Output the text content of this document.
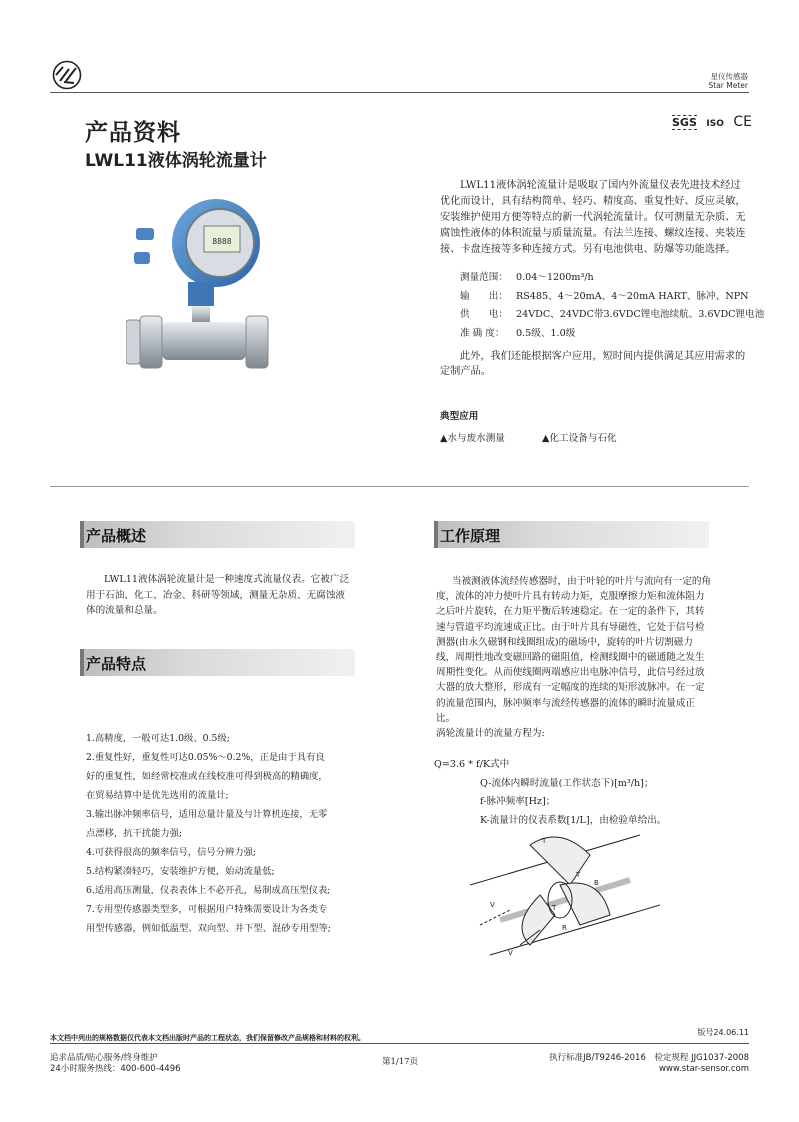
星仪传感器
Star Meter
产品资料
LWL11液体涡轮流量计
SGS ISO CE
8888
LWL11液体涡轮流量计是吸取了国内外流量仪表先进技术经过优化而设计，具有结构简单、轻巧、精度高、重复性好、反应灵敏，安装维护使用方便等特点的新一代涡轮流量计。仅可测量无杂质、无腐蚀性液体的体积流量与质量流量。有法兰连接、螺纹连接、夹装连接、卡盘连接等多种连接方式。另有电池供电、防爆等功能选择。
测量范围： 0.04～1200m³/h
输　　出： RS485、4～20mA、4～20mA HART、脉冲、NPN
供　　电： 24VDC、24VDC带3.6VDC锂电池续航、3.6VDC锂电池
准 确 度： 0.5级、1.0级
此外，我们还能根据客户应用，短时间内提供满足其应用需求的定制产品。
典型应用
▲水与废水测量	▲化工设备与石化
产品概述
LWL11液体涡轮流量计是一种速度式流量仪表。它被广泛用于石油、化工、冶金、科研等领域，测量无杂质、无腐蚀液体的流量和总量。
产品特点
1.高精度，一般可达1.0级、0.5级;
2.重复性好，重复性可达0.05%～0.2%，正是由于具有良
好的重复性，如经常校准或在线校准可得到极高的精确度，
在贸易结算中是优先选用的流量计;
3.输出脉冲频率信号，适用总量计量及与计算机连接，无零
点漂移，抗干扰能力强;
4.可获得很高的频率信号，信号分辨力强;
5.结构紧凑轻巧，安装维护方便，始动流量低;
6.适用高压测量，仪表表体上不必开孔，易制成高压型仪表;
7.专用型传感器类型多，可根据用户特殊需要设计为各类专
用型传感器，例如低温型、双向型、井下型、混砂专用型等;
工作原理

当被测液体流经传感器时，由于叶轮的叶片与流向有一定的角度，流体的冲力使叶片具有转动力矩，克服摩擦力矩和流体阻力之后叶片旋转，在力矩平衡后转速稳定。在一定的条件下，其转速与管道平均流速成正比。由于叶片具有导磁性，它处于信号检测器(由永久磁钢和线圈组成)的磁场中，旋转的叶片切割磁力线，周期性地改变磁回路的磁阻值，检测线圈中的磁通随之发生周期性变化。从而使线圈两端感应出电脉冲信号，此信号经过放大器的放大整形，形成有一定幅度的连续的矩形波脉冲。在一定的流量范围内，脉冲频率与流经传感器的流体的瞬时流量成正比。

涡轮流量计的流量方程为:

Q=3.6 * f/K式中
Q-流体内瞬时流量(工作状态下)[m³/h]；
f-脉冲频率[Hz]；
K-流量计的仪表系数[1/L]，由检验单给出。
T
T
B
T
V
V
R
本文档中列出的规格数据仅代表本文档出版时产品的工程状态，我们保留修改产品规格和材料的权利。
版号24.06.11
追求品质/贴心服务/终身维护
24小时服务热线：400-600-4496
第1/17页	执行标准JB/T9246-2016　检定规程 JJG1037-2008
www.star-sensor.com
